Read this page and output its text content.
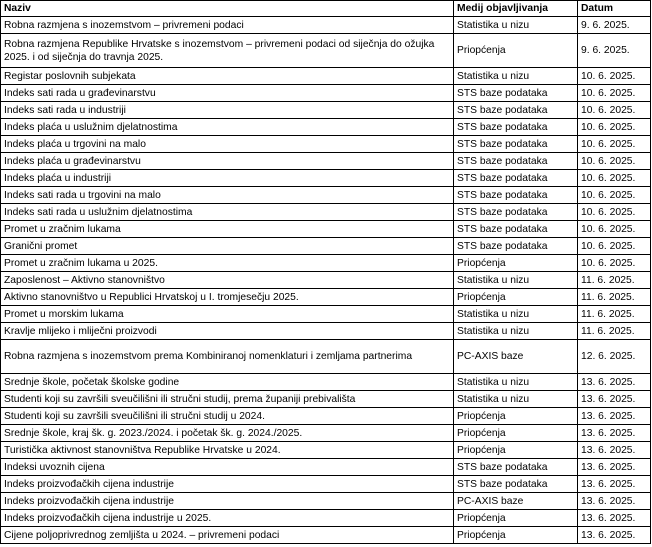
Naziv	Medij objavljivanja	Datum
Robna razmjena s inozemstvom – privremeni podaci	Statistika u nizu	9. 6. 2025.
Robna razmjena Republike Hrvatske s inozemstvom – privremeni podaci od siječnja do ožujka 2025. i od siječnja do travnja 2025.	Priopćenja	9. 6. 2025.
Registar poslovnih subjekata	Statistika u nizu	10. 6. 2025.
Indeks sati rada u građevinarstvu	STS baze podataka	10. 6. 2025.
Indeks sati rada u industriji	STS baze podataka	10. 6. 2025.
Indeks plaća u uslužnim djelatnostima	STS baze podataka	10. 6. 2025.
Indeks plaća u trgovini na malo	STS baze podataka	10. 6. 2025.
Indeks plaća u građevinarstvu	STS baze podataka	10. 6. 2025.
Indeks plaća u industriji	STS baze podataka	10. 6. 2025.
Indeks sati rada u trgovini na malo	STS baze podataka	10. 6. 2025.
Indeks sati rada u uslužnim djelatnostima	STS baze podataka	10. 6. 2025.
Promet u zračnim lukama	STS baze podataka	10. 6. 2025.
Granični promet	STS baze podataka	10. 6. 2025.
Promet u zračnim lukama u 2025.	Priopćenja	10. 6. 2025.
Zaposlenost – Aktivno stanovništvo	Statistika u nizu	11. 6. 2025.
Aktivno stanovništvo u Republici Hrvatskoj u I. tromjesečju 2025.	Priopćenja	11. 6. 2025.
Promet u morskim lukama	Statistika u nizu	11. 6. 2025.
Kravlje mlijeko i mliječni proizvodi	Statistika u nizu	11. 6. 2025.
Robna razmjena s inozemstvom prema Kombiniranoj nomenklaturi i zemljama partnerima	PC-AXIS baze	12. 6. 2025.
Srednje škole, početak školske godine	Statistika u nizu	13. 6. 2025.
Studenti koji su završili sveučilišni ili stručni studij, prema županiji prebivališta	Statistika u nizu	13. 6. 2025.
Studenti koji su završili sveučilišni ili stručni studij u 2024.	Priopćenja	13. 6. 2025.
Srednje škole, kraj šk. g. 2023./2024. i početak šk. g. 2024./2025.	Priopćenja	13. 6. 2025.
Turistička aktivnost stanovništva Republike Hrvatske u 2024.	Priopćenja	13. 6. 2025.
Indeksi uvoznih cijena	STS baze podataka	13. 6. 2025.
Indeks proizvođačkih cijena industrije	STS baze podataka	13. 6. 2025.
Indeks proizvođačkih cijena industrije	PC-AXIS baze	13. 6. 2025.
Indeks proizvođačkih cijena industrije u 2025.	Priopćenja	13. 6. 2025.
Cijene poljoprivrednog zemljišta u 2024. – privremeni podaci	Priopćenja	13. 6. 2025.
